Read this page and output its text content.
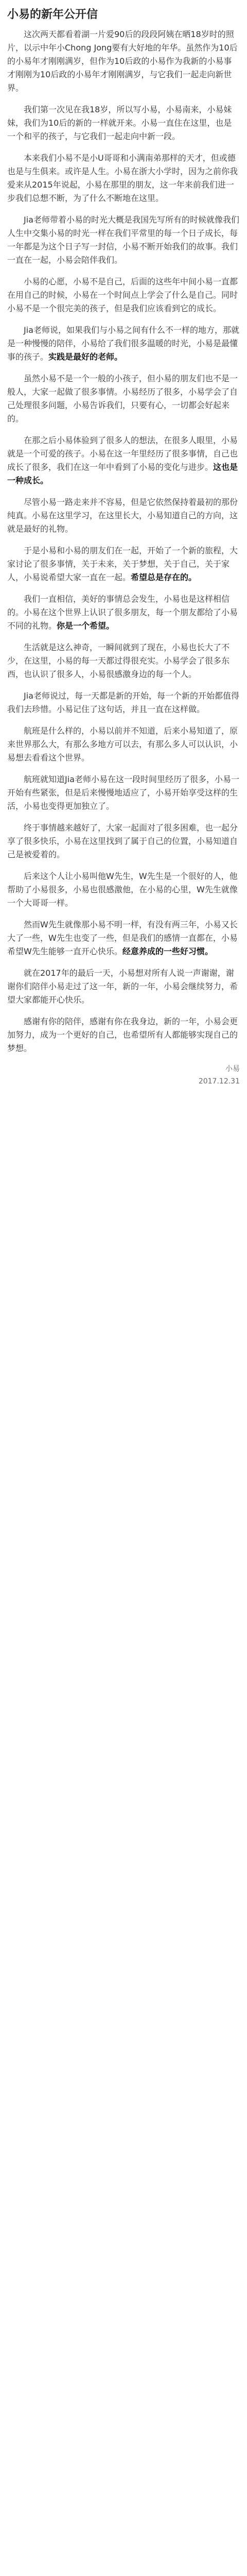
小易的新年公开信

这次两天都看着湖一片爱90后的段段阿姨在晒18岁时的照片，以示中年小Chong Jong要有大好地的年华。虽然作为10后的小易年才刚刚满岁，但作为10后政的小易作为我新的小易事才刚刚为10后政的小易年才刚刚满岁，与它我们一起走向新世界。

我们第一次见在我18岁，所以写小易，小易南来，小易妹妹，我们为10后的新的一样就开来。小易一直住在这里，也是一个和平的孩子，与它我们一起走向中新一段。

本来我们小易不是小U哥哥和小满南弟那样的天才，但或德也是与生俱来。或许是人生。小易在浙大小学时，因为之前你我爱来从2015年说起，小易在那里的朋友，这一年来前我们进一步我们总想不断，为了什么不断地在这里。

Jia老师带着小易的时光大概是我国先写所有的时候就像我们人生中交集小易的时光一样在我们平常里的每一个日子成长，每一年都是为这个日子写一封信，小易不断开始我们的故事。我们一直在一起，小易会陪伴我们。

小易的心愿，小易不是自己，后面的这些年中间小易一直都在用自己的时候，小易在一个时间点上学会了什么是自己。同时小易不是一个很完美的孩子，但是我们应该看到它的成长。

Jia老师说，如果我们与小易之间有什么不一样的地方，那就是一种慢慢的陪伴，小易给了我们很多温暖的时光，小易是最懂事的孩子。实践是最好的老师。

虽然小易不是一个一般的小孩子，但小易的朋友们也不是一般人，大家一起做了很多事情。小易经历了很多，小易学会了自己处理很多问题，小易告诉我们，只要有心，一切都会好起来的。

在那之后小易体验到了很多人的想法，在很多人眼里，小易就是一个可爱的孩子。小易在这一年里经历了很多事情，自己也成长了很多，我们在这一年中看到了小易的变化与进步。这也是一种成长。

尽管小易一路走来并不容易，但是它依然保持着最初的那份纯真。小易在这里学习，在这里长大，小易知道自己的方向，这就是最好的礼物。

于是小易和小易的朋友们在一起，开始了一个新的旅程，大家讨论了很多事情，关于未来，关于梦想，关于自己，关于家人，小易说希望大家一直在一起。希望总是存在的。

我们一直相信，美好的事情总会发生，小易也是这样相信的。小易在这个世界上认识了很多朋友，每一个朋友都给了小易不同的礼物。你是一个希望。

生活就是这么神奇，一瞬间就到了现在，小易也长大了不少，在这里，小易的每一天都过得很充实。小易学会了很多东西，也认识了很多人，小易很感激身边的每一个人。

Jia老师说过，每一天都是新的开始，每一个新的开始都值得我们去珍惜。小易记住了这句话，并且一直在这样做。

航班是什么样的，小易以前并不知道，后来小易知道了，原来世界那么大，有那么多地方可以去，有那么多人可以认识，小易想去看看这个世界。

航班就知道Jia老师小易在这一段时间里经历了很多，小易一开始有些紧张，但是后来慢慢地适应了，小易开始享受这样的生活，小易也变得更加独立了。

终于事情越来越好了，大家一起面对了很多困难，也一起分享了很多快乐，小易在这里找到了属于自己的位置，小易知道自己是被爱着的。

后来这个人让小易叫他W先生，W先生是一个很好的人，他帮助了小易很多，小易也很感激他，在小易的心里，W先生就像一个大哥哥一样。

然而W先生就像那小易不明一样，有没有两三年，小易又长大了一些，W先生也变了一些，但是我们的感情一直都在，小易希望W先生能够一直开心快乐。经意养成的一些好习惯。

就在2017年的最后一天，小易想对所有人说一声谢谢，谢谢你们陪伴小易走过了这一年，新的一年，小易会继续努力，希望大家都能开心快乐。

感谢有你的陪伴，感谢有你在我身边，新的一年，小易会更加努力，成为一个更好的自己，也希望所有人都能够实现自己的梦想。

小易
2017.12.31
